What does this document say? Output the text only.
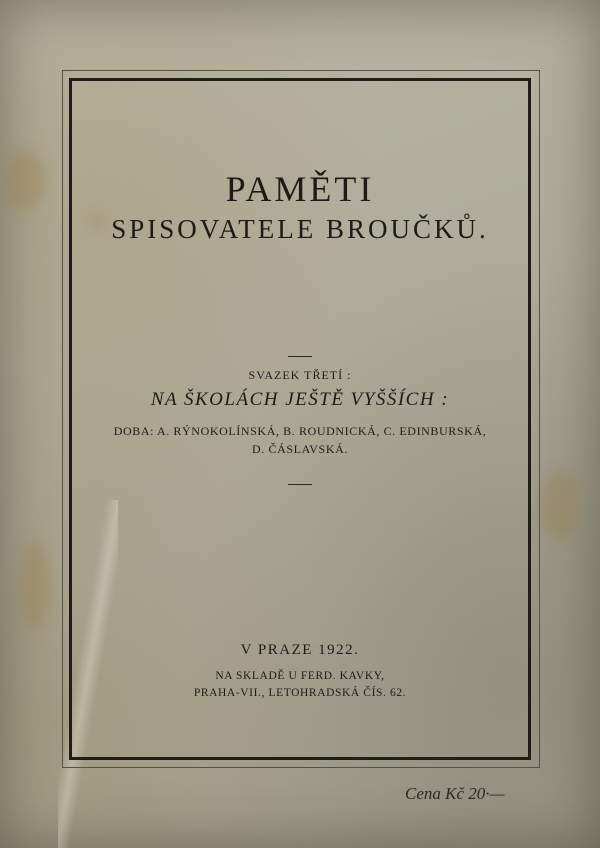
PAMĚTI
SPISOVATELE BROUČKŮ.
SVAZEK TŘETÍ :
NA ŠKOLÁCH JEŠTĚ VYŠŠÍCH :
DOBA: A. RÝNOKOLÍNSKÁ, B. ROUDNICKÁ, C. EDINBURSKÁ,
D. ČÁSLAVSKÁ.
V PRAZE 1922.
NA SKLADĚ U FERD. KAVKY,
PRAHA-VII., LETOHRADSKÁ ČÍS. 62.
Cena Kč 20·—
